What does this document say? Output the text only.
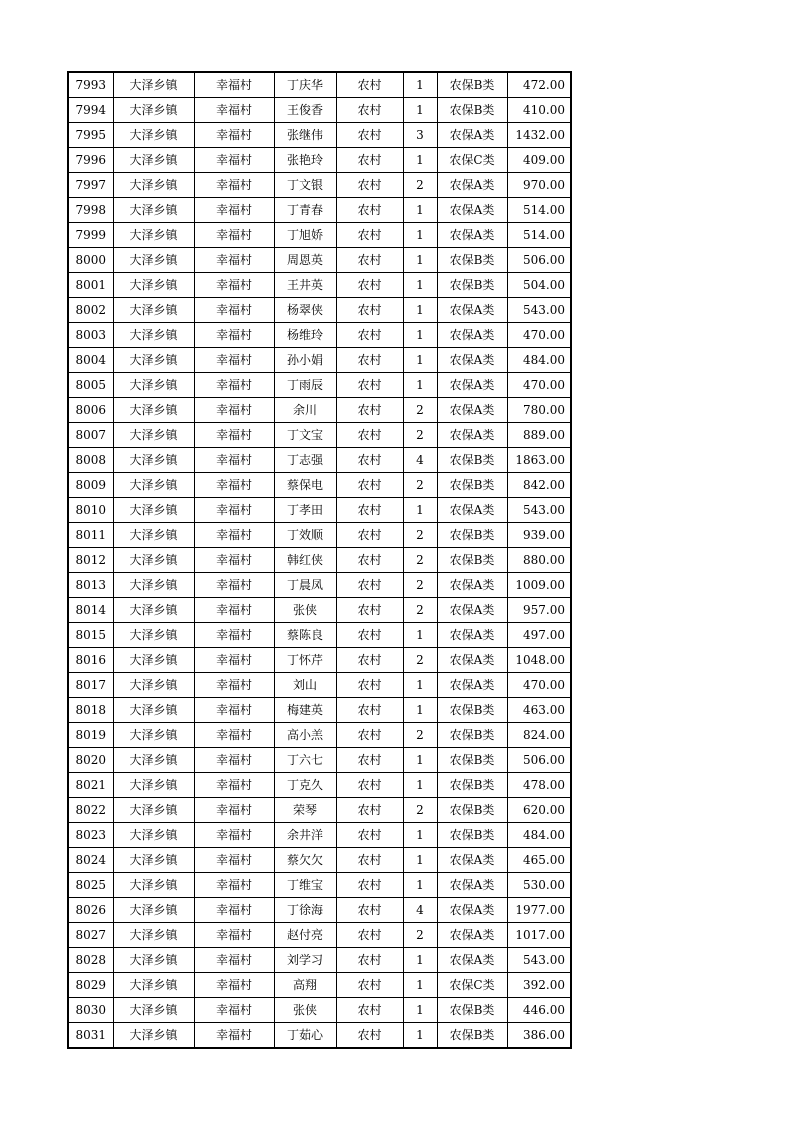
7993	大泽乡镇	幸福村	丁庆华	农村	1	农保B类	472.00
7994	大泽乡镇	幸福村	王俊香	农村	1	农保B类	410.00
7995	大泽乡镇	幸福村	张继伟	农村	3	农保A类	1432.00
7996	大泽乡镇	幸福村	张艳玲	农村	1	农保C类	409.00
7997	大泽乡镇	幸福村	丁文银	农村	2	农保A类	970.00
7998	大泽乡镇	幸福村	丁青春	农村	1	农保A类	514.00
7999	大泽乡镇	幸福村	丁旭娇	农村	1	农保A类	514.00
8000	大泽乡镇	幸福村	周恩英	农村	1	农保B类	506.00
8001	大泽乡镇	幸福村	王井英	农村	1	农保B类	504.00
8002	大泽乡镇	幸福村	杨翠侠	农村	1	农保A类	543.00
8003	大泽乡镇	幸福村	杨维玲	农村	1	农保A类	470.00
8004	大泽乡镇	幸福村	孙小娟	农村	1	农保A类	484.00
8005	大泽乡镇	幸福村	丁雨辰	农村	1	农保A类	470.00
8006	大泽乡镇	幸福村	余川	农村	2	农保A类	780.00
8007	大泽乡镇	幸福村	丁文宝	农村	2	农保A类	889.00
8008	大泽乡镇	幸福村	丁志强	农村	4	农保B类	1863.00
8009	大泽乡镇	幸福村	蔡保电	农村	2	农保B类	842.00
8010	大泽乡镇	幸福村	丁孝田	农村	1	农保A类	543.00
8011	大泽乡镇	幸福村	丁效顺	农村	2	农保B类	939.00
8012	大泽乡镇	幸福村	韩红侠	农村	2	农保B类	880.00
8013	大泽乡镇	幸福村	丁晨凤	农村	2	农保A类	1009.00
8014	大泽乡镇	幸福村	张侠	农村	2	农保A类	957.00
8015	大泽乡镇	幸福村	蔡陈良	农村	1	农保A类	497.00
8016	大泽乡镇	幸福村	丁怀芹	农村	2	农保A类	1048.00
8017	大泽乡镇	幸福村	刘山	农村	1	农保A类	470.00
8018	大泽乡镇	幸福村	梅建英	农村	1	农保B类	463.00
8019	大泽乡镇	幸福村	高小羔	农村	2	农保B类	824.00
8020	大泽乡镇	幸福村	丁六七	农村	1	农保B类	506.00
8021	大泽乡镇	幸福村	丁克久	农村	1	农保B类	478.00
8022	大泽乡镇	幸福村	荣琴	农村	2	农保B类	620.00
8023	大泽乡镇	幸福村	余井洋	农村	1	农保B类	484.00
8024	大泽乡镇	幸福村	蔡欠欠	农村	1	农保A类	465.00
8025	大泽乡镇	幸福村	丁维宝	农村	1	农保A类	530.00
8026	大泽乡镇	幸福村	丁徐海	农村	4	农保A类	1977.00
8027	大泽乡镇	幸福村	赵付亮	农村	2	农保A类	1017.00
8028	大泽乡镇	幸福村	刘学习	农村	1	农保A类	543.00
8029	大泽乡镇	幸福村	高翔	农村	1	农保C类	392.00
8030	大泽乡镇	幸福村	张侠	农村	1	农保B类	446.00
8031	大泽乡镇	幸福村	丁茹心	农村	1	农保B类	386.00
